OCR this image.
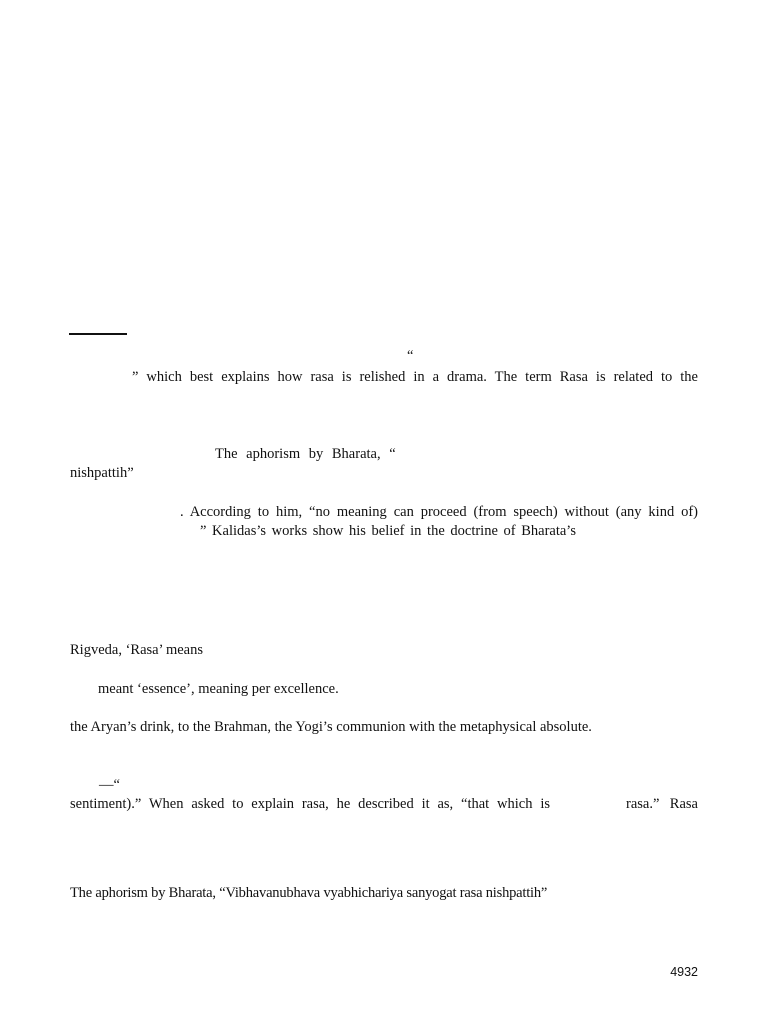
“
” which best explains how rasa is relished in a drama. The term Rasa is related to the
The aphorism by Bharata, “
nishpattih”
. According to him, “no meaning can proceed (from speech) without (any kind of)
” Kalidas’s works show his belief in the doctrine of Bharata’s
Rigveda, ‘Rasa’ means
meant ‘essence’, meaning per excellence.
the Aryan’s drink, to the Brahman, the Yogi’s communion with the metaphysical absolute.
—“
sentiment).” When asked to explain rasa, he described it as, “that which is	rasa.” Rasa
The aphorism by Bharata, “Vibhavanubhava vyabhichariya sanyogat rasa nishpattih”
4932
